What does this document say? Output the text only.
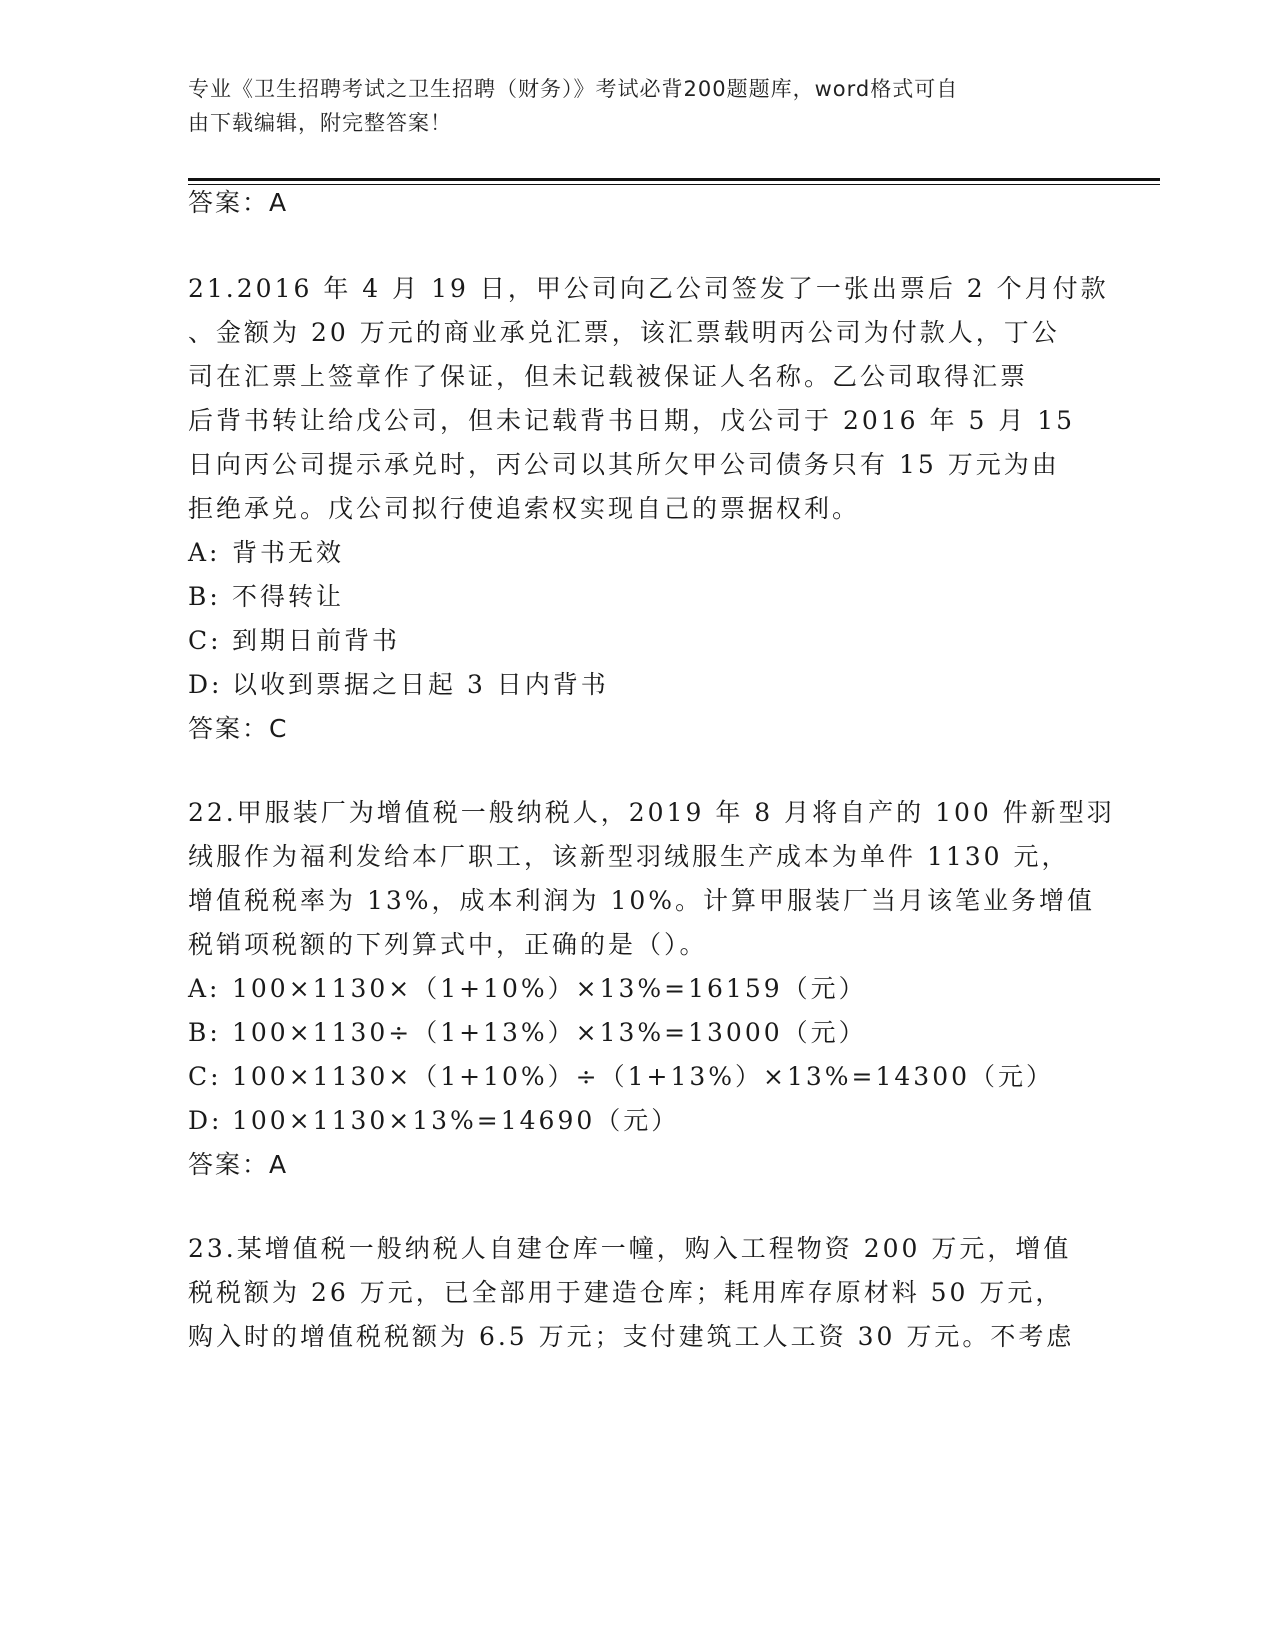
专业《卫生招聘考试之卫生招聘（财务）》考试必背200题题库，word格式可自
由下载编辑，附完整答案！
答案：A
21.2016 年 4 月 19 日，甲公司向乙公司签发了一张出票后 2 个月付款
、金额为 20 万元的商业承兑汇票，该汇票载明丙公司为付款人，丁公
司在汇票上签章作了保证，但未记载被保证人名称。乙公司取得汇票
后背书转让给戊公司，但未记载背书日期，戊公司于 2016 年 5 月 15
日向丙公司提示承兑时，丙公司以其所欠甲公司债务只有 15 万元为由
拒绝承兑。戊公司拟行使追索权实现自己的票据权利。
A: 背书无效
B: 不得转让
C: 到期日前背书
D: 以收到票据之日起 3 日内背书
答案：C
22.甲服装厂为增值税一般纳税人，2019 年 8 月将自产的 100 件新型羽
绒服作为福利发给本厂职工，该新型羽绒服生产成本为单件 1130 元，
增值税税率为 13%，成本利润为 10%。计算甲服装厂当月该笔业务增值
税销项税额的下列算式中，正确的是（）。
A: 100×1130×（1+10%）×13%=16159（元）
B: 100×1130÷（1+13%）×13%=13000（元）
C: 100×1130×（1+10%）÷（1+13%）×13%=14300（元）
D: 100×1130×13%=14690（元）
答案：A
23.某增值税一般纳税人自建仓库一幢，购入工程物资 200 万元，增值
税税额为 26 万元，已全部用于建造仓库；耗用库存原材料 50 万元，
购入时的增值税税额为 6.5 万元；支付建筑工人工资 30 万元。不考虑
